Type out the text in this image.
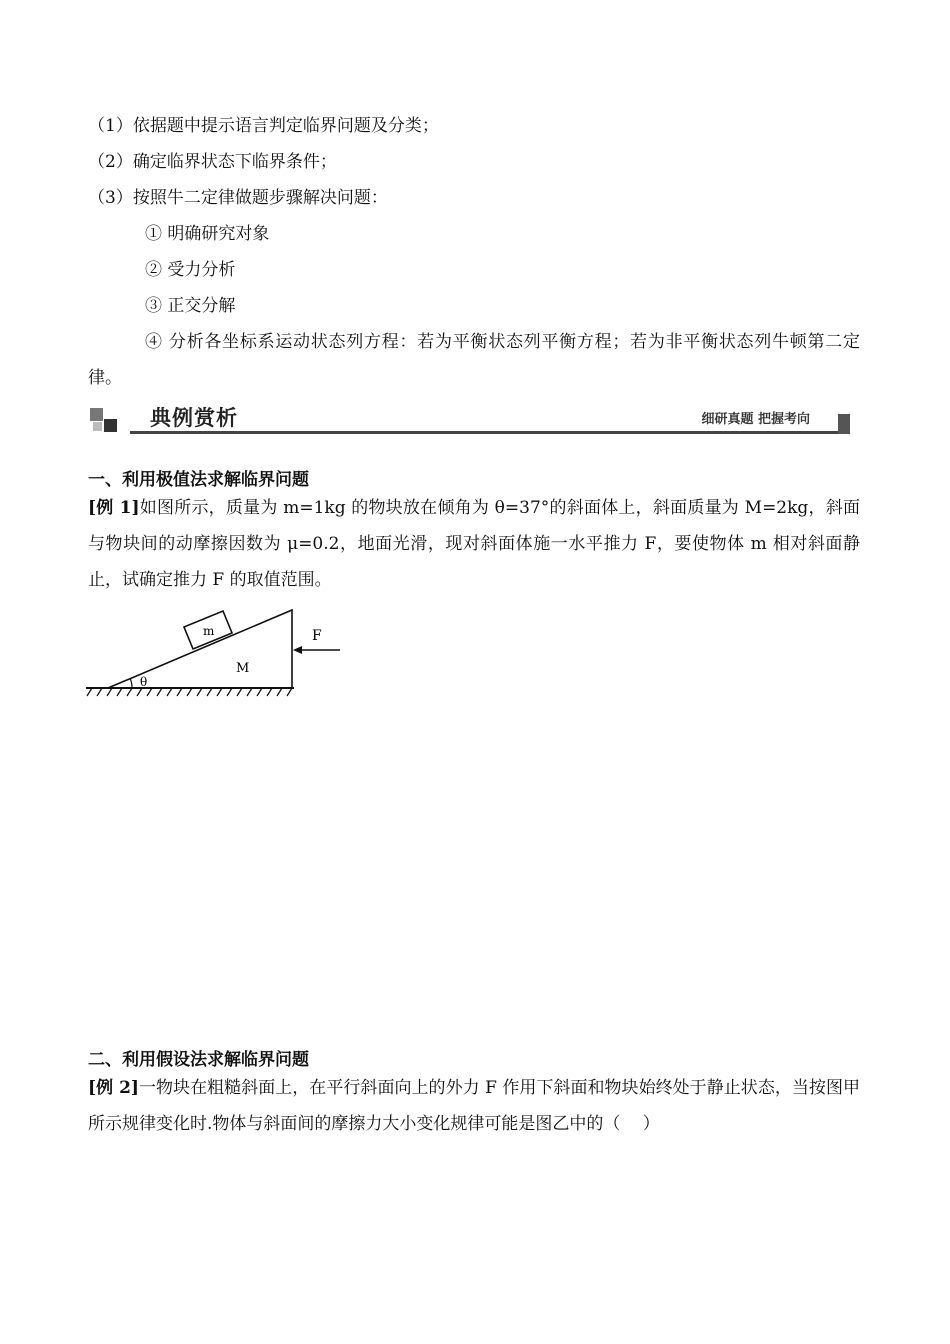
（1）依据题中提示语言判定临界问题及分类；
（2）确定临界状态下临界条件；
（3）按照牛二定律做题步骤解决问题：
① 明确研究对象
② 受力分析
③ 正交分解
④ 分析各坐标系运动状态列方程：若为平衡状态列平衡方程；若为非平衡状态列牛顿第二定律。
典例赏析	细研真题 把握考向
一、利用极值法求解临界问题
[例 1]如图所示，质量为 m=1kg 的物块放在倾角为 θ=37°的斜面体上，斜面质量为 M=2kg，斜面与物块间的动摩擦因数为 μ=0.2，地面光滑，现对斜面体施一水平推力 F，要使物体 m 相对斜面静止，试确定推力 F 的取值范围。
m
M
F
θ
二、利用假设法求解临界问题
[例 2]一物块在粗糙斜面上，在平行斜面向上的外力 F 作用下斜面和物块始终处于静止状态，当按图甲所示规律变化时.物体与斜面间的摩擦力大小变化规律可能是图乙中的（　 ）
